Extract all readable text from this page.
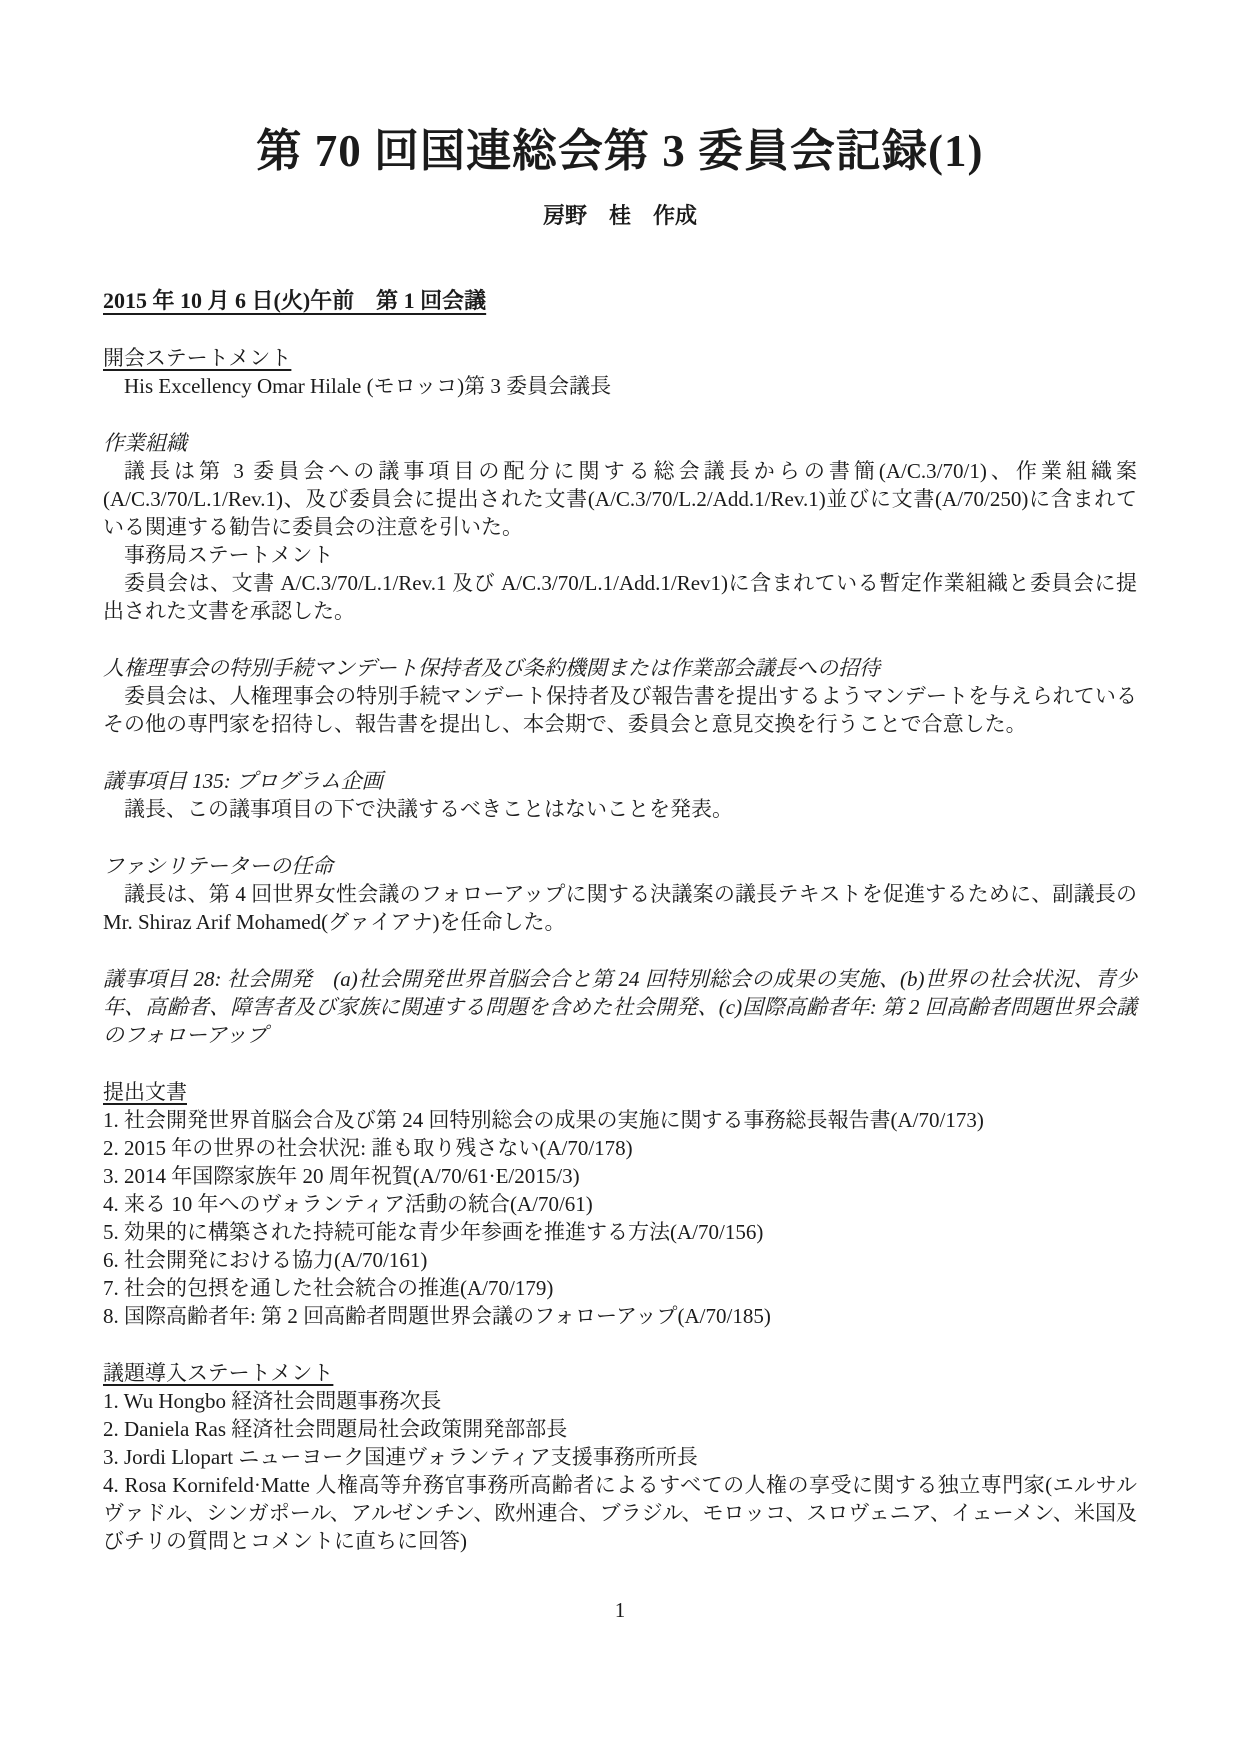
第 70 回国連総会第 3 委員会記録(1)
房野　桂　作成
2015 年 10 月 6 日(火)午前　第 1 回会議
開会ステートメント

His Excellency Omar Hilale (モロッコ)第 3 委員会議長

作業組織

議長は第 3 委員会への議事項目の配分に関する総会議長からの書簡(A/C.3/70/1)、作業組織案(A/C.3/70/L.1/Rev.1)、及び委員会に提出された文書(A/C.3/70/L.2/Add.1/Rev.1)並びに文書(A/70/250)に含まれている関連する勧告に委員会の注意を引いた。

事務局ステートメント

委員会は、文書 A/C.3/70/L.1/Rev.1 及び A/C.3/70/L.1/Add.1/Rev1)に含まれている暫定作業組織と委員会に提出された文書を承認した。

人権理事会の特別手続マンデート保持者及び条約機関または作業部会議長への招待

委員会は、人権理事会の特別手続マンデート保持者及び報告書を提出するようマンデートを与えられているその他の専門家を招待し、報告書を提出し、本会期で、委員会と意見交換を行うことで合意した。

議事項目 135: プログラム企画

議長、この議事項目の下で決議するべきことはないことを発表。

ファシリテーターの任命

議長は、第 4 回世界女性会議のフォローアップに関する決議案の議長テキストを促進するために、副議長の Mr. Shiraz Arif Mohamed(グァイアナ)を任命した。

議事項目 28: 社会開発　(a)社会開発世界首脳会合と第 24 回特別総会の成果の実施、(b)世界の社会状況、青少年、高齢者、障害者及び家族に関連する問題を含めた社会開発、(c)国際高齢者年: 第 2 回高齢者問題世界会議のフォローアップ
提出文書
1. 社会開発世界首脳会合及び第 24 回特別総会の成果の実施に関する事務総長報告書(A/70/173)
2. 2015 年の世界の社会状況: 誰も取り残さない(A/70/178)
3. 2014 年国際家族年 20 周年祝賀(A/70/61·E/2015/3)
4. 来る 10 年へのヴォランティア活動の統合(A/70/61)
5. 効果的に構築された持続可能な青少年参画を推進する方法(A/70/156)
6. 社会開発における協力(A/70/161)
7. 社会的包摂を通した社会統合の推進(A/70/179)
8. 国際高齢者年: 第 2 回高齢者問題世界会議のフォローアップ(A/70/185)
議題導入ステートメント
1. Wu Hongbo 経済社会問題事務次長
2. Daniela Ras 経済社会問題局社会政策開発部部長
3. Jordi Llopart ニューヨーク国連ヴォランティア支援事務所所長
4. Rosa Kornifeld·Matte 人権高等弁務官事務所高齢者によるすべての人権の享受に関する独立専門家(エルサルヴァドル、シンガポール、アルゼンチン、欧州連合、ブラジル、モロッコ、スロヴェニア、イェーメン、米国及びチリの質問とコメントに直ちに回答)
1
